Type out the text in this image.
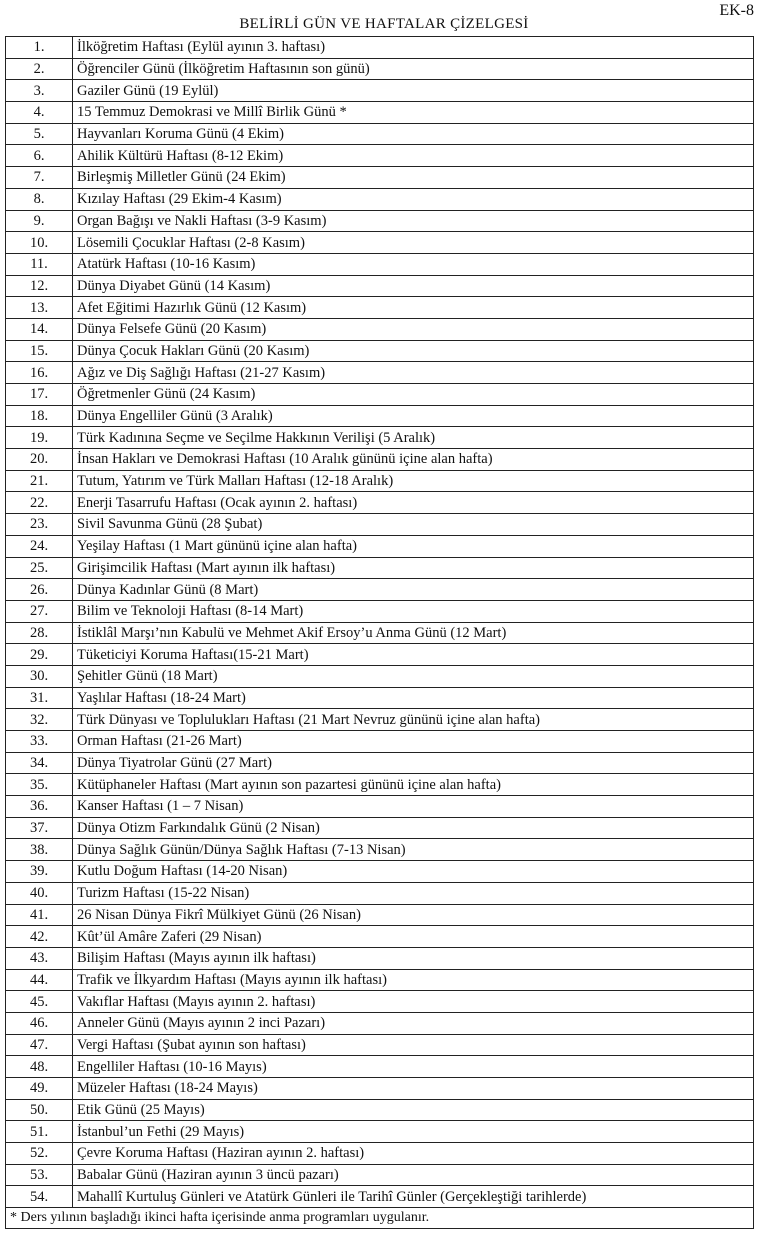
EK-8
BELİRLİ GÜN VE HAFTALAR ÇİZELGESİ
1.	İlköğretim Haftası (Eylül ayının 3. haftası)
2.	Öğrenciler Günü (İlköğretim Haftasının son günü)
3.	Gaziler Günü (19 Eylül)
4.	15 Temmuz Demokrasi ve Millî Birlik Günü *
5.	Hayvanları Koruma Günü (4 Ekim)
6.	Ahilik Kültürü Haftası (8-12 Ekim)
7.	Birleşmiş Milletler Günü (24 Ekim)
8.	Kızılay Haftası (29 Ekim-4 Kasım)
9.	Organ Bağışı ve Nakli Haftası (3-9 Kasım)
10.	Lösemili Çocuklar Haftası (2-8 Kasım)
11.	Atatürk Haftası (10-16 Kasım)
12.	Dünya Diyabet Günü (14 Kasım)
13.	Afet Eğitimi Hazırlık Günü (12 Kasım)
14.	Dünya Felsefe Günü (20 Kasım)
15.	Dünya Çocuk Hakları Günü (20 Kasım)
16.	Ağız ve Diş Sağlığı Haftası (21-27 Kasım)
17.	Öğretmenler Günü (24 Kasım)
18.	Dünya Engelliler Günü (3 Aralık)
19.	Türk Kadınına Seçme ve Seçilme Hakkının Verilişi (5 Aralık)
20.	İnsan Hakları ve Demokrasi Haftası (10 Aralık gününü içine alan hafta)
21.	Tutum, Yatırım ve Türk Malları Haftası (12-18 Aralık)
22.	Enerji Tasarrufu Haftası (Ocak ayının 2. haftası)
23.	Sivil Savunma Günü (28 Şubat)
24.	Yeşilay Haftası (1 Mart gününü içine alan hafta)
25.	Girişimcilik Haftası (Mart ayının ilk haftası)
26.	Dünya Kadınlar Günü (8 Mart)
27.	Bilim ve Teknoloji Haftası (8-14 Mart)
28.	İstiklâl Marşı’nın Kabulü ve Mehmet Akif Ersoy’u Anma Günü (12 Mart)
29.	Tüketiciyi Koruma Haftası(15-21 Mart)
30.	Şehitler Günü (18 Mart)
31.	Yaşlılar Haftası (18-24 Mart)
32.	Türk Dünyası ve Toplulukları Haftası (21 Mart Nevruz gününü içine alan hafta)
33.	Orman Haftası (21-26 Mart)
34.	Dünya Tiyatrolar Günü (27 Mart)
35.	Kütüphaneler Haftası (Mart ayının son pazartesi gününü içine alan hafta)
36.	Kanser Haftası (1 – 7 Nisan)
37.	Dünya Otizm Farkındalık Günü (2 Nisan)
38.	Dünya Sağlık Günün/Dünya Sağlık Haftası (7-13 Nisan)
39.	Kutlu Doğum Haftası (14-20 Nisan)
40.	Turizm Haftası (15-22 Nisan)
41.	26 Nisan Dünya Fikrî Mülkiyet Günü (26 Nisan)
42.	Kût’ül Amâre Zaferi (29 Nisan)
43.	Bilişim Haftası (Mayıs ayının ilk haftası)
44.	Trafik ve İlkyardım Haftası (Mayıs ayının ilk haftası)
45.	Vakıflar Haftası (Mayıs ayının 2. haftası)
46.	Anneler Günü (Mayıs ayının 2 inci Pazarı)
47.	Vergi Haftası (Şubat ayının son haftası)
48.	Engelliler Haftası (10-16 Mayıs)
49.	Müzeler Haftası (18-24 Mayıs)
50.	Etik Günü (25 Mayıs)
51.	İstanbul’un Fethi (29 Mayıs)
52.	Çevre Koruma Haftası (Haziran ayının 2. haftası)
53.	Babalar Günü (Haziran ayının 3 üncü pazarı)
54.	Mahallî Kurtuluş Günleri ve Atatürk Günleri ile Tarihî Günler (Gerçekleştiği tarihlerde)
* Ders yılının başladığı ikinci hafta içerisinde anma programları uygulanır.	
